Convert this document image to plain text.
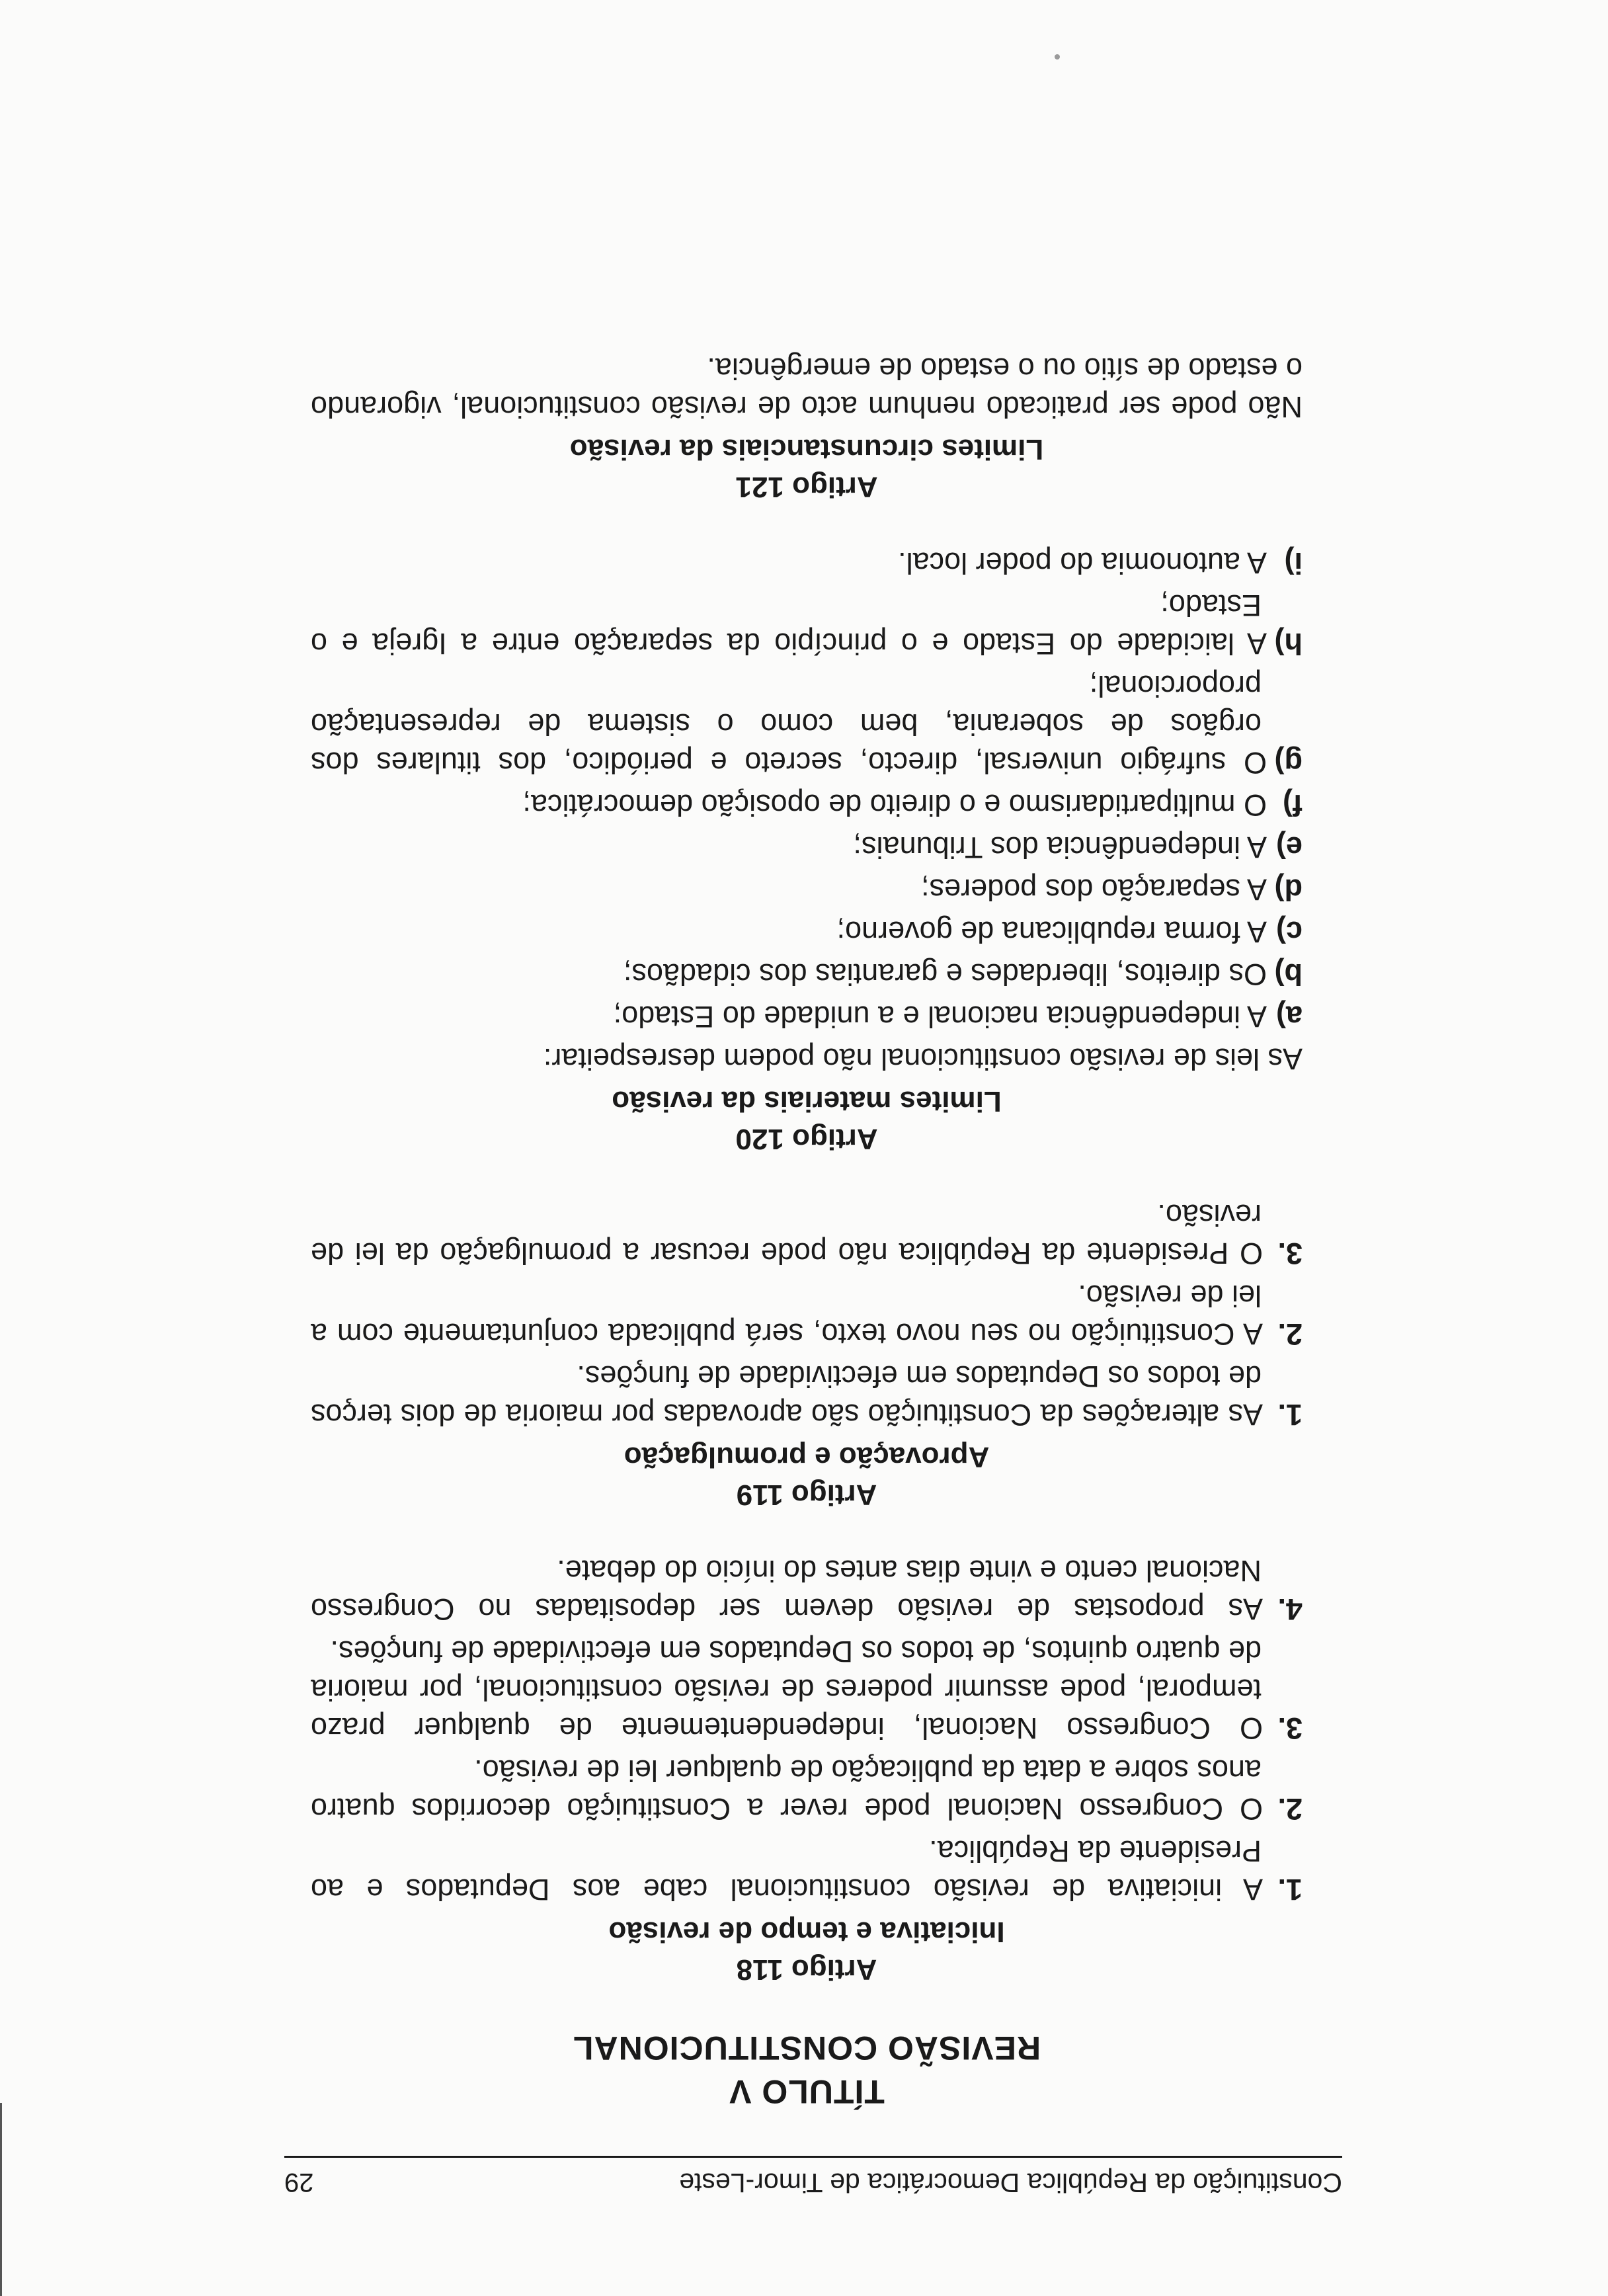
Constituição da República Democrática de Timor-Leste
29
TÍTULO V
REVISÃO CONSTITUCIONAL
Artigo 118
Iniciativa e tempo de revisão
1.A iniciativa de revisão constitucional cabe aos Deputados e ao Presidente da República.
2.O Congresso Nacional pode rever a Constituição decorridos quatro anos sobre a data da publicação de qualquer lei de revisão.
3.O Congresso Nacional, independentemente de qualquer prazo temporal, pode assumir poderes de revisão constitucional, por maioria de quatro quintos, de todos os Deputados em efectividade de funções.
4.As propostas de revisão devem ser depositadas no Congresso Nacional cento e vinte dias antes do início do debate.
Artigo 119
Aprovação e promulgação
1.As alterações da Constituição são aprovadas por maioria de dois terços de todos os Deputados em efectividade de funções.
2.A Constituição no seu novo texto, será publicada conjuntamente com a lei de revisão.
3.O Presidente da República não pode recusar a promulgação da lei de revisão.
Artigo 120
Limites materiais da revisão
As leis de revisão constitucional não podem desrespeitar:
a)A independência nacional e a unidade do Estado;
b)Os direitos, liberdades e garantias dos cidadãos;
c)A forma republicana de governo;
d)A separação dos poderes;
e)A independência dos Tribunais;
f)O multipartidarismo e o direito de oposição democrática;
g)O sufrágio universal, directo, secreto e periódico, dos titulares dos orgãos de soberania, bem como o sistema de representação proporcional;
h)A laicidade do Estado e o princípio da separação entre a Igreja e o Estado;
i)A autonomia do poder local.
Artigo 121
Limites circunstanciais da revisão
Não pode ser praticado nenhum acto de revisão constitucional, vigorando o estado de sítio ou o estado de emergência.
